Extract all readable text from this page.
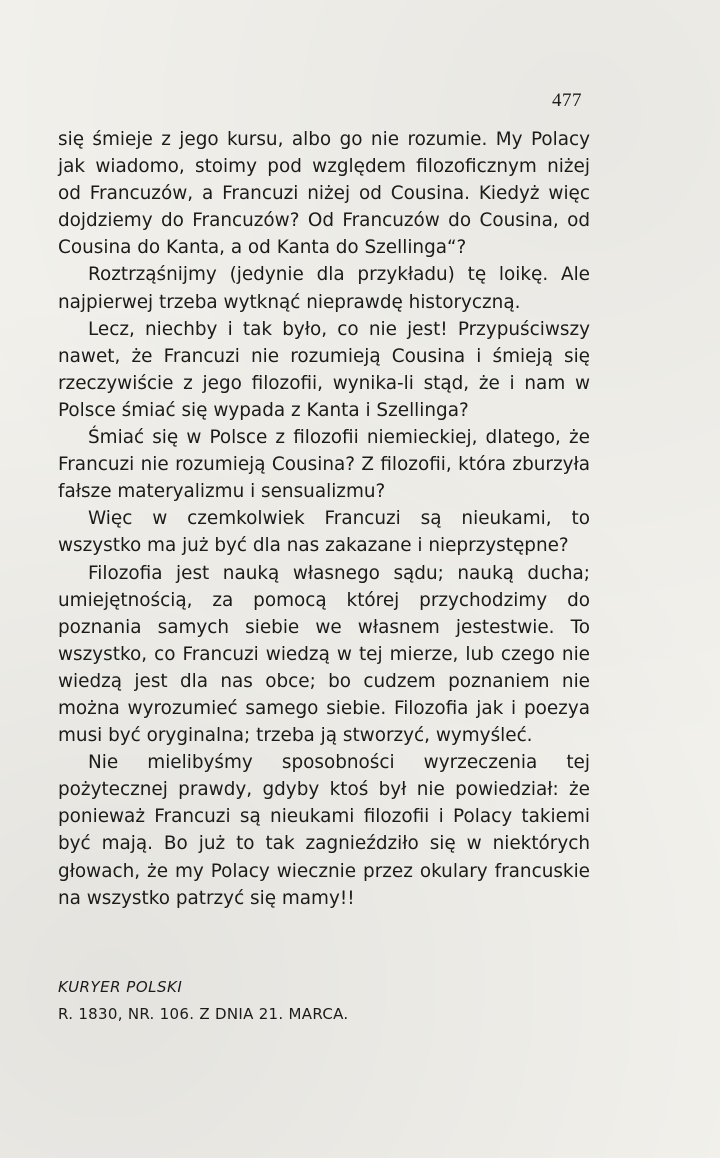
477

się śmieje z jego kursu, albo go nie rozumie. My Polacy jak wiadomo, stoimy pod względem filozoficznym niżej od Francuzów, a Francuzi niżej od Cousina. Kiedyż więc dojdziemy do Francuzów? Od Francuzów do Cousina, od Cousina do Kanta, a od Kanta do Szellinga“?

Roztrząśnijmy (jedynie dla przykładu) tę loikę. Ale najpierwej trzeba wytknąć nieprawdę historyczną.

Lecz, niechby i tak było, co nie jest! Przypuściwszy nawet, że Francuzi nie rozumieją Cousina i śmieją się rzeczywiście z jego filozofii, wynika-li stąd, że i nam w Polsce śmiać się wypada z Kanta i Szellinga?

Śmiać się w Polsce z filozofii niemieckiej, dlatego, że Francuzi nie rozumieją Cousina? Z filozofii, która zburzyła fałsze materyalizmu i sensualizmu?

Więc w czemkolwiek Francuzi są nieukami, to wszystko ma już być dla nas zakazane i nieprzystępne?

Filozofia jest nauką własnego sądu; nauką ducha; umiejętnością, za pomocą której przychodzimy do poznania samych siebie we własnem jestestwie. To wszystko, co Francuzi wiedzą w tej mierze, lub czego nie wiedzą jest dla nas obce; bo cudzem poznaniem nie można wyrozumieć samego siebie. Filozofia jak i poezya musi być oryginalna; trzeba ją stworzyć, wymyśleć.

Nie mielibyśmy sposobności wyrzeczenia tej pożytecznej prawdy, gdyby ktoś był nie powiedział: że ponieważ Francuzi są nieukami filozofii i Polacy takiemi być mają. Bo już to tak zagnieździło się w niektórych głowach, że my Polacy wiecznie przez okulary francuskie na wszystko patrzyć się mamy!!

KURYER POLSKI
R. 1830, NR. 106. Z DNIA 21. MARCA.
